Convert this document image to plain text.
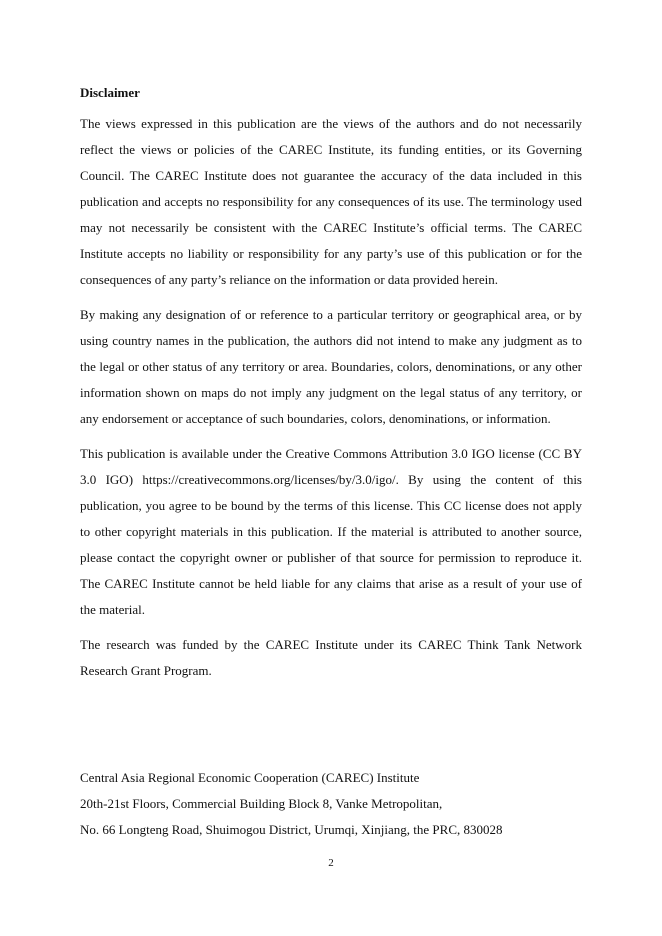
Disclaimer

The views expressed in this publication are the views of the authors and do not necessarily reflect the views or policies of the CAREC Institute, its funding entities, or its Governing Council. The CAREC Institute does not guarantee the accuracy of the data included in this publication and accepts no responsibility for any consequences of its use. The terminology used may not necessarily be consistent with the CAREC Institute’s official terms. The CAREC Institute accepts no liability or responsibility for any party’s use of this publication or for the consequences of any party’s reliance on the information or data provided herein.

By making any designation of or reference to a particular territory or geographical area, or by using country names in the publication, the authors did not intend to make any judgment as to the legal or other status of any territory or area. Boundaries, colors, denominations, or any other information shown on maps do not imply any judgment on the legal status of any territory, or any endorsement or acceptance of such boundaries, colors, denominations, or information.

This publication is available under the Creative Commons Attribution 3.0 IGO license (CC BY 3.0 IGO) https://creativecommons.org/licenses/by/3.0/igo/. By using the content of this publication, you agree to be bound by the terms of this license. This CC license does not apply to other copyright materials in this publication. If the material is attributed to another source, please contact the copyright owner or publisher of that source for permission to reproduce it. The CAREC Institute cannot be held liable for any claims that arise as a result of your use of the material.

The research was funded by the CAREC Institute under its CAREC Think Tank Network Research Grant Program.

Central Asia Regional Economic Cooperation (CAREC) Institute
20th-21st Floors, Commercial Building Block 8, Vanke Metropolitan,
No. 66 Longteng Road, Shuimogou District, Urumqi, Xinjiang, the PRC, 830028
2
